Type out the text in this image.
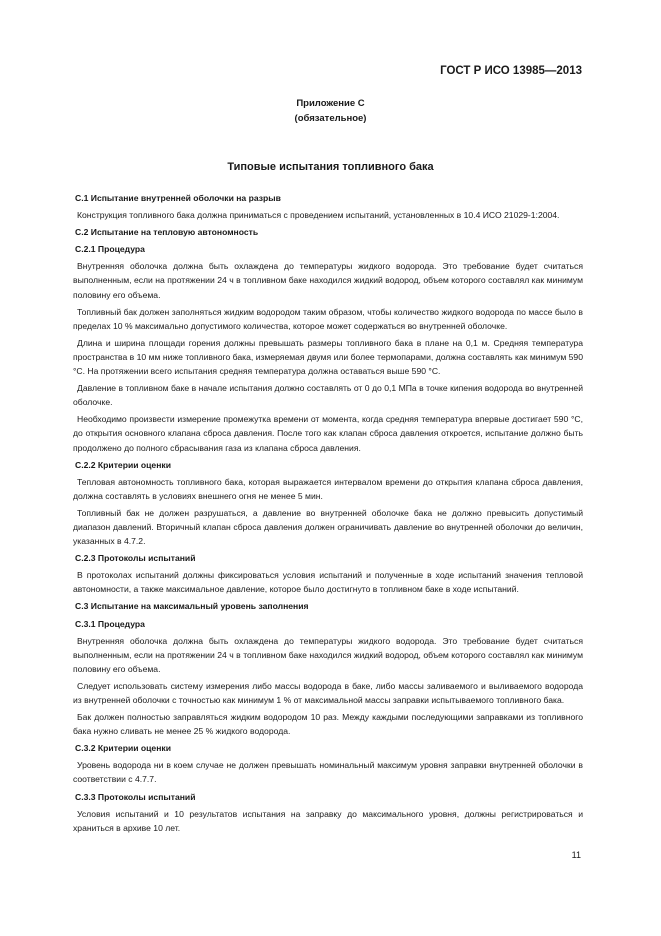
ГОСТ Р ИСО 13985—2013
Приложение С
(обязательное)
Типовые испытания топливного бака
С.1 Испытание внутренней оболочки на разрыв
Конструкция топливного бака должна приниматься с проведением испытаний, установленных в 10.4 ИСО 21029-1:2004.
С.2 Испытание на тепловую автономность
С.2.1 Процедура
Внутренняя оболочка должна быть охлаждена до температуры жидкого водорода. Это требование будет считаться выполненным, если на протяжении 24 ч в топливном баке находился жидкий водород, объем которого составлял как минимум половину его объема.
Топливный бак должен заполняться жидким водородом таким образом, чтобы количество жидкого водорода по массе было в пределах 10 % максимально допустимого количества, которое может содержаться во внутренней оболочке.
Длина и ширина площади горения должны превышать размеры топливного бака в плане на 0,1 м. Средняя температура пространства в 10 мм ниже топливного бака, измеряемая двумя или более термопарами, должна составлять как минимум 590 °С. На протяжении всего испытания средняя температура должна оставаться выше 590 °С.
Давление в топливном баке в начале испытания должно составлять от 0 до 0,1 МПа в точке кипения водорода во внутренней оболочке.
Необходимо произвести измерение промежутка времени от момента, когда средняя температура впервые достигает 590 °С, до открытия основного клапана сброса давления. После того как клапан сброса давления откроется, испытание должно быть продолжено до полного сбрасывания газа из клапана сброса давления.
С.2.2 Критерии оценки
Тепловая автономность топливного бака, которая выражается интервалом времени до открытия клапана сброса давления, должна составлять в условиях внешнего огня не менее 5 мин.
Топливный бак не должен разрушаться, а давление во внутренней оболочке бака не должно превысить допустимый диапазон давлений. Вторичный клапан сброса давления должен ограничивать давление во внутренней оболочки до величин, указанных в 4.7.2.
С.2.3 Протоколы испытаний
В протоколах испытаний должны фиксироваться условия испытаний и полученные в ходе испытаний значения тепловой автономности, а также максимальное давление, которое было достигнуто в топливном баке в ходе испытаний.
С.3 Испытание на максимальный уровень заполнения
С.3.1 Процедура
Внутренняя оболочка должна быть охлаждена до температуры жидкого водорода. Это требование будет считаться выполненным, если на протяжении 24 ч в топливном баке находился жидкий водород, объем которого составлял как минимум половину его объема.
Следует использовать систему измерения либо массы водорода в баке, либо массы заливаемого и выливаемого водорода из внутренней оболочки с точностью как минимум 1 % от максимальной массы заправки испытываемого топливного бака.
Бак должен полностью заправляться жидким водородом 10 раз. Между каждыми последующими заправками из топливного бака нужно сливать не менее 25 % жидкого водорода.
С.3.2 Критерии оценки
Уровень водорода ни в коем случае не должен превышать номинальный максимум уровня заправки внутренней оболочки в соответствии с 4.7.7.
С.3.3 Протоколы испытаний
Условия испытаний и 10 результатов испытания на заправку до максимального уровня, должны регистрироваться и храниться в архиве 10 лет.
11
